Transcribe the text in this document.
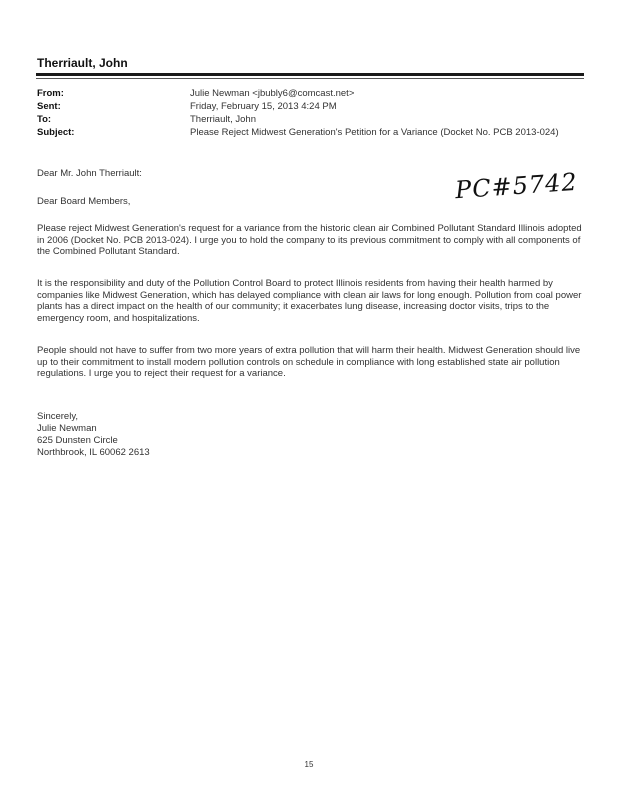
Therriault, John
From:	Julie Newman <jbubly6@comcast.net>
Sent:	Friday, February 15, 2013 4:24 PM
To:	Therriault, John
Subject:	Please Reject Midwest Generation's Petition for a Variance (Docket No. PCB 2013-024)
PC#5742
Dear Mr. John Therriault:
Dear Board Members,

Please reject Midwest Generation's request for a variance from the historic clean air Combined Pollutant Standard Illinois adopted in 2006 (Docket No. PCB 2013-024). I urge you to hold the company to its previous commitment to comply with all components of the Combined Pollutant Standard.

It is the responsibility and duty of the Pollution Control Board to protect Illinois residents from having their health harmed by companies like Midwest Generation, which has delayed compliance with clean air laws for long enough. Pollution from coal power plants has a direct impact on the health of our community; it exacerbates lung disease, increasing doctor visits, trips to the emergency room, and hospitalizations.

People should not have to suffer from two more years of extra pollution that will harm their health. Midwest Generation should live up to their commitment to install modern pollution controls on schedule in compliance with long established state air pollution regulations. I urge you to reject their request for a variance.

Sincerely,
Julie Newman
625 Dunsten Circle
Northbrook, IL 60062 2613
15
